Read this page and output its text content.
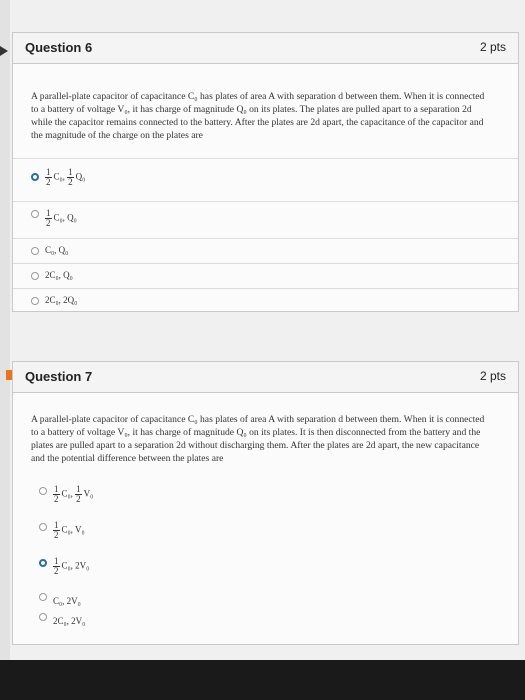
Question 6	2 pts
A parallel-plate capacitor of capacitance C₀ has plates of area A with separation d between them. When it is connected to a battery of voltage V₀, it has charge of magnitude Q₀ on its plates. The plates are pulled apart to a separation 2d while the capacitor remains connected to the battery. After the plates are 2d apart, the capacitance of the capacitor and the magnitude of the charge on the plates are
$\frac{1}{2} C_0$, $\frac{1}{2} Q_0$
$\frac{1}{2} C_0$, Q₀
C₀, Q₀
2C₀, Q₀
2C₀, 2Q₀
Question 7	2 pts
A parallel-plate capacitor of capacitance C₀ has plates of area A with separation d between them. When it is connected to a battery of voltage V₀, it has charge of magnitude Q₀ on its plates. It is then disconnected from the battery and the plates are pulled apart to a separation 2d without discharging them. After the plates are 2d apart, the new capacitance and the potential difference between the plates are
$\frac{1}{2} C_0$, $\frac{1}{2} V_0$
$\frac{1}{2} C_0$, V₀
$\frac{1}{2} C_0$, 2V₀
C₀, 2V₀
2C₀, 2V₀
